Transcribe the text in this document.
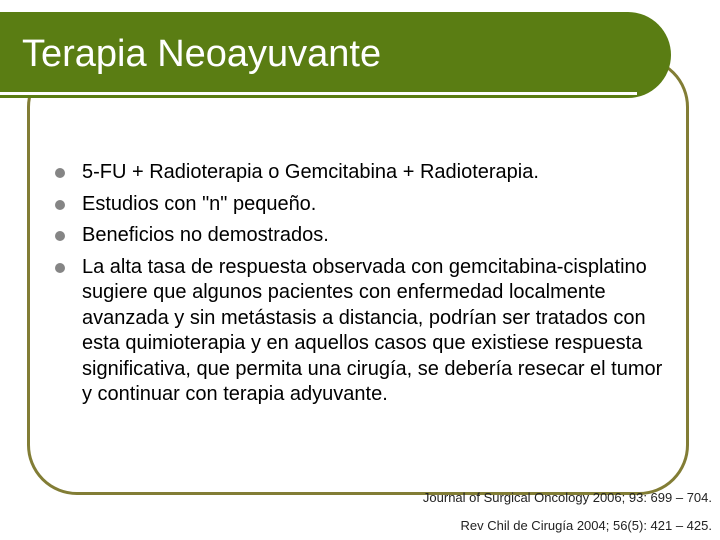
Terapia Neoayuvante
5-FU + Radioterapia o Gemcitabina + Radioterapia.
Estudios con "n" pequeño.
Beneficios no demostrados.
La alta tasa de respuesta observada con gemcitabina-cisplatino sugiere que algunos pacientes con enfermedad localmente avanzada y sin metástasis a distancia, podrían ser tratados con esta quimioterapia y en aquellos casos que existiese respuesta significativa, que permita una cirugía, se debería resecar el tumor y continuar con terapia adyuvante.

Journal of Surgical Oncology 2006; 93: 699 – 704.

Rev Chil de Cirugía 2004; 56(5): 421 – 425.
